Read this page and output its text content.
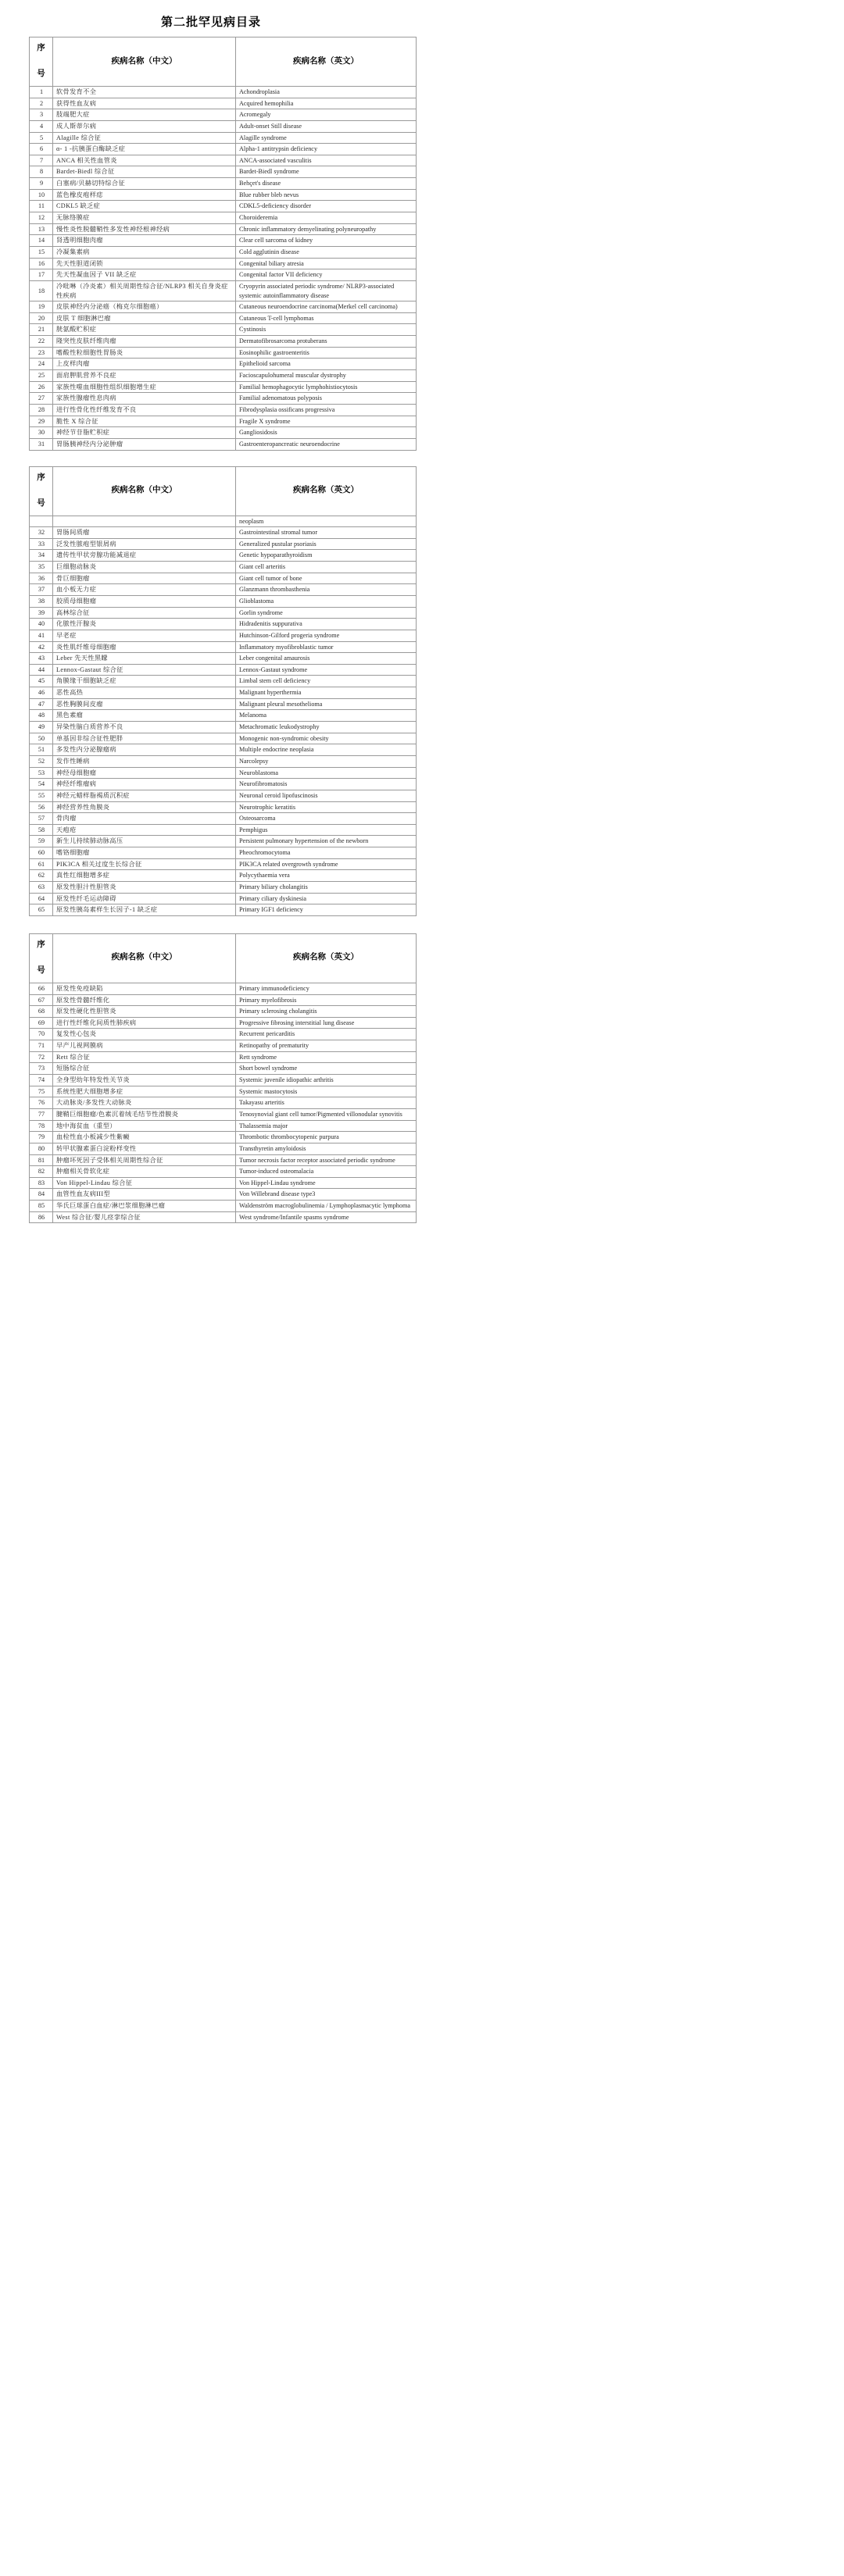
第二批罕见病目录
序
号	疾病名称（中文）	疾病名称（英文）

1	软骨发育不全	Achondroplasia
2	获得性血友病	Acquired hemophilia
3	肢端肥大症	Acromegaly
4	成人斯蒂尔病	Adult-onset Still disease
5	Alagille 综合征	Alagille syndrome
6	α- 1 -抗胰蛋白酶缺乏症	Alpha-1 antitrypsin deficiency
7	ANCA 相关性血管炎	ANCA-associated vasculitis
8	Bardet-Biedl 综合征	Bardet-Biedl syndrome
9	白塞病/贝赫切特综合征	Behçet's disease
10	蓝色橡皮疱样痣	Blue rubber bleb nevus
11	CDKL5 缺乏症	CDKL5-deficiency disorder
12	无脉络膜症	Choroideremia
13	慢性炎性脱髓鞘性多发性神经根神经病	Chronic inflammatory demyelinating polyneuropathy
14	肾透明细胞肉瘤	Clear cell sarcoma of kidney
15	冷凝集素病	Cold agglutinin disease
16	先天性胆道闭锁	Congenital biliary atresia
17	先天性凝血因子 VII 缺乏症	Congenital factor VII deficiency
18	冷吡啉（冷炎素）相关周期性综合征/NLRP3 相关自身炎症性疾病	Cryopyrin associated periodic syndrome/ NLRP3-associated systemic autoinflammatory disease
19	皮肤神经内分泌癌（梅克尔细胞癌）	Cutaneous neuroendocrine carcinoma(Merkel cell carcinoma)
20	皮肤 T 细胞淋巴瘤	Cutaneous T-cell lymphomas
21	胱氨酸贮积症	Cystinosis
22	隆突性皮肤纤维肉瘤	Dermatofibrosarcoma protuberans
23	嗜酸性粒细胞性胃肠炎	Eosinophilic gastroenteritis
24	上皮样肉瘤	Epithelioid sarcoma
25	面肩胛肌营养不良症	Facioscapulohumeral muscular dystrophy
26	家族性噬血细胞性组织细胞增生症	Familial hemophagocytic lymphohistiocytosis
27	家族性腺瘤性息肉病	Familial adenomatous polyposis
28	进行性骨化性纤维发育不良	Fibrodysplasia ossificans progressiva
29	脆性 X 综合征	Fragile X syndrome
30	神经节苷脂贮积症	Gangliosidosis
31	胃肠胰神经内分泌肿瘤	Gastroenteropancreatic neuroendocrine
序
号	疾病名称（中文）	疾病名称（英文）

		neoplasm
32	胃肠间质瘤	Gastrointestinal stromal tumor
33	泛发性脓疱型银屑病	Generalized pustular psoriasis
34	遗传性甲状旁腺功能减退症	Genetic hypoparathyroidism
35	巨细胞动脉炎	Giant cell arteritis
36	骨巨细胞瘤	Giant cell tumor of bone
37	血小板无力症	Glanzmann thrombasthenia
38	胶质母细胞瘤	Glioblastoma
39	高林综合征	Gorlin syndrome
40	化脓性汗腺炎	Hidradenitis suppurativa
41	早老症	Hutchinson-Gilford progeria syndrome
42	炎性肌纤维母细胞瘤	Inflammatory myofibroblastic tumor
43	Leber 先天性黑矇	Leber congenital amaurosis
44	Lennox-Gastaut 综合征	Lennox-Gastaut syndrome
45	角膜缘干细胞缺乏症	Limbal stem cell deficiency
46	恶性高热	Malignant hyperthermia
47	恶性胸膜间皮瘤	Malignant pleural mesothelioma
48	黑色素瘤	Melanoma
49	异染性脑白质营养不良	Metachromatic leukodystrophy
50	单基因非综合征性肥胖	Monogenic non-syndromic obesity
51	多发性内分泌腺瘤病	Multiple endocrine neoplasia
52	发作性睡病	Narcolepsy
53	神经母细胞瘤	Neuroblastoma
54	神经纤维瘤病	Neurofibromatosis
55	神经元蜡样脂褐质沉积症	Neuronal ceroid lipofuscinosis
56	神经营养性角膜炎	Neurotrophic keratitis
57	骨肉瘤	Osteosarcoma
58	天疱疮	Pemphigus
59	新生儿持续肺动脉高压	Persistent pulmonary hypertension of the newborn
60	嗜铬细胞瘤	Pheochromocytoma
61	PIK3CA 相关过度生长综合征	PIK3CA related overgrowth syndrome
62	真性红细胞增多症	Polycythaemia vera
63	原发性胆汁性胆管炎	Primary biliary cholangitis
64	原发性纤毛运动障碍	Primary ciliary dyskinesia
65	原发性胰岛素样生长因子-1 缺乏症	Primary IGF1 deficiency
序
号	疾病名称（中文）	疾病名称（英文）

66	原发性免疫缺陷	Primary immunodeficiency
67	原发性骨髓纤维化	Primary myelofibrosis
68	原发性硬化性胆管炎	Primary sclerosing cholangitis
69	进行性纤维化间质性肺疾病	Progressive fibrosing interstitial lung disease
70	复发性心包炎	Recurrent pericarditis
71	早产儿视网膜病	Retinopathy of prematurity
72	Rett 综合征	Rett syndrome
73	短肠综合征	Short bowel syndrome
74	全身型幼年特发性关节炎	Systemic juvenile idiopathic arthritis
75	系统性肥大细胞增多症	Systemic mastocytosis
76	大动脉炎/多发性大动脉炎	Takayasu arteritis
77	腱鞘巨细胞瘤/色素沉着绒毛结节性滑膜炎	Tenosynovial giant cell tumor/Pigmented villonodular synovitis
78	地中海贫血（重型）	Thalassemia major
79	血栓性血小板减少性紫癜	Thrombotic thrombocytopenic purpura
80	转甲状腺素蛋白淀粉样变性	Transthyretin amyloidosis
81	肿瘤坏死因子受体相关周期性综合征	Tumor necrosis factor receptor associated periodic syndrome
82	肿瘤相关骨软化症	Tumor-induced osteomalacia
83	Von Hippel-Lindau 综合征	Von Hippel-Lindau syndrome
84	血管性血友病III型	Von Willebrand disease type3
85	华氏巨球蛋白血症/淋巴浆细胞淋巴瘤	Waldenström macroglobulinemia / Lymphoplasmacytic lymphoma
86	West 综合征/婴儿痉挛综合征	West syndrome/Infantile spasms syndrome
